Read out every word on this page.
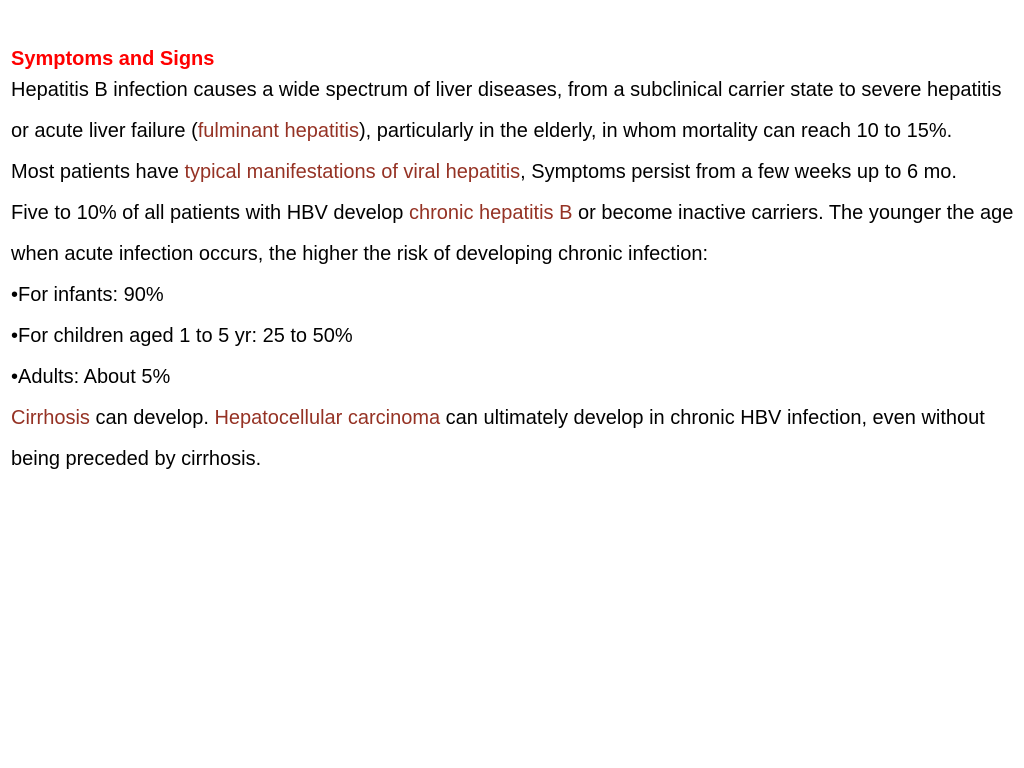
Symptoms and Signs

Hepatitis B infection causes a wide spectrum of liver diseases, from a subclinical carrier state to severe hepatitis or acute liver failure (fulminant hepatitis), particularly in the elderly, in whom mortality can reach 10 to 15%.

Most patients have typical manifestations of viral hepatitis, Symptoms persist from a few weeks up to 6 mo.

Five to 10% of all patients with HBV develop chronic hepatitis B or become inactive carriers. The younger the age when acute infection occurs, the higher the risk of developing chronic infection:

•For infants: 90%

•For children aged 1 to 5 yr: 25 to 50%

•Adults: About 5%

Cirrhosis can develop. Hepatocellular carcinoma can ultimately develop in chronic HBV infection, even without being preceded by cirrhosis.
